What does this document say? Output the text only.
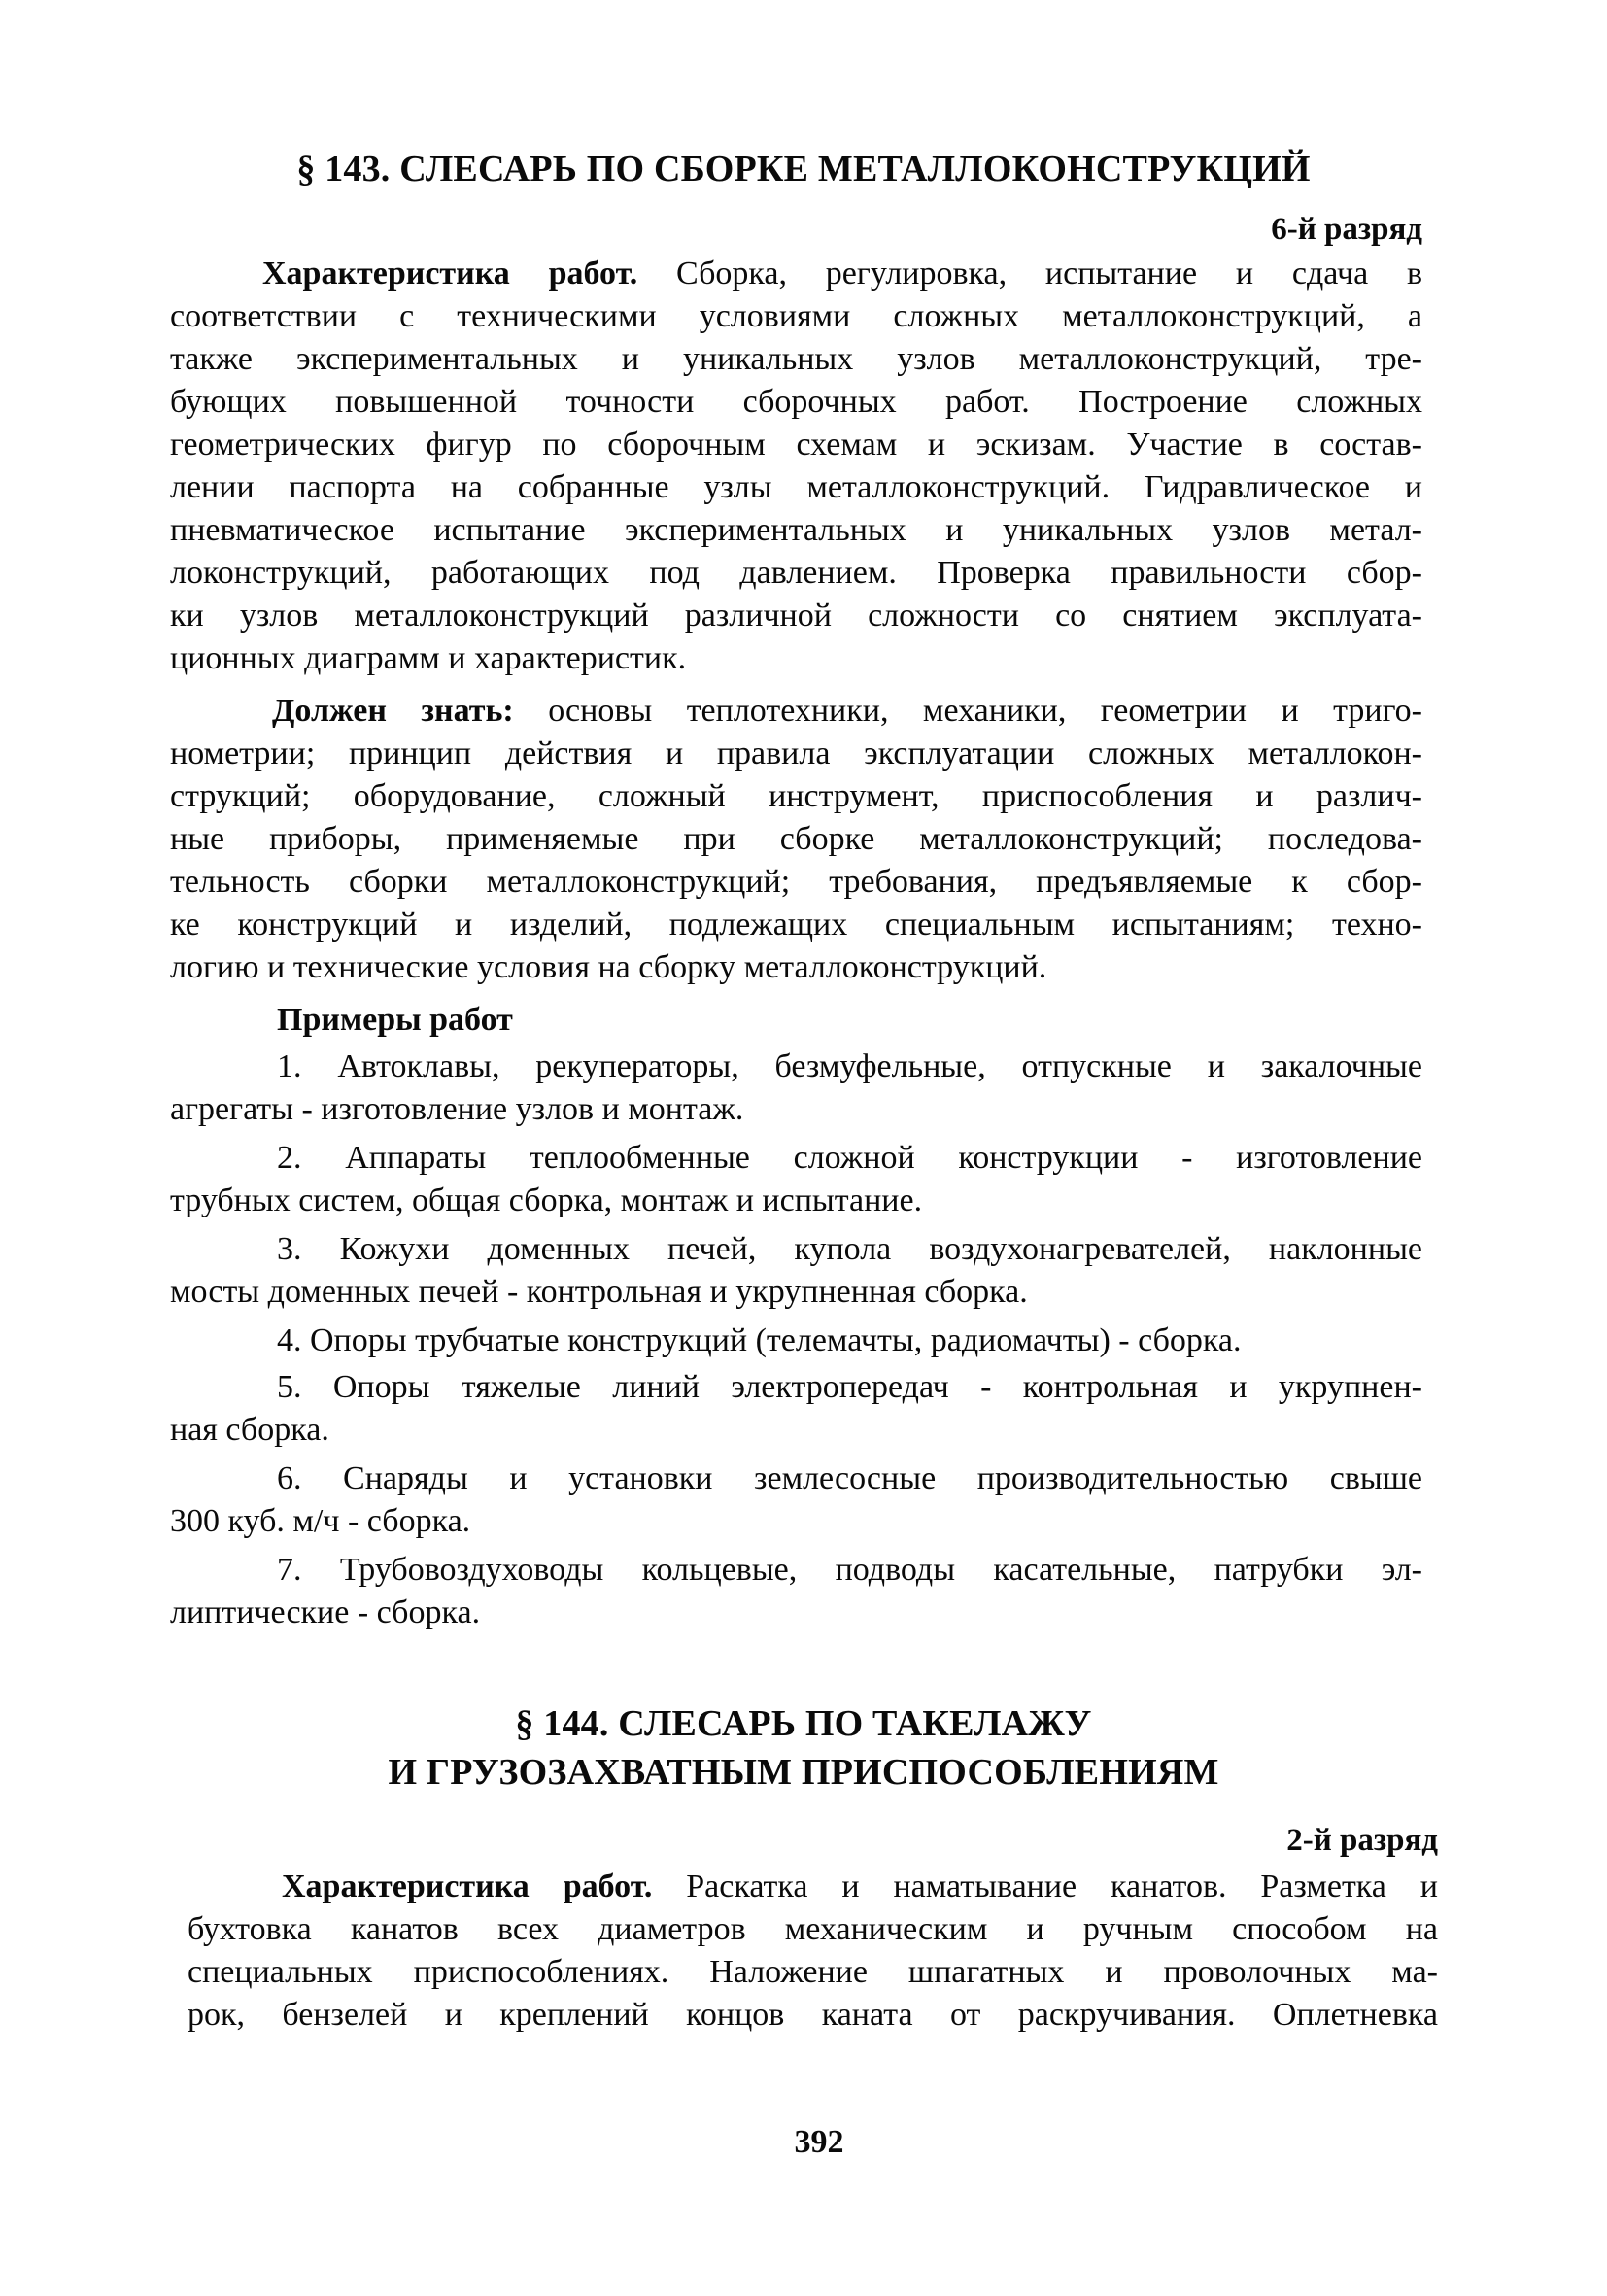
§ 143. СЛЕСАРЬ ПО СБОРКЕ МЕТАЛЛОКОНСТРУКЦИЙ
6-й разряд
Характеристика работ. Сборка, регулировка, испытание и сдача в
соответствии с техническими условиями сложных металлоконструкций, а
также экспериментальных и уникальных узлов металлоконструкций, тре-
бующих повышенной точности сборочных работ. Построение сложных
геометрических фигур по сборочным схемам и эскизам. Участие в состав-
лении паспорта на собранные узлы металлоконструкций. Гидравлическое и
пневматическое испытание экспериментальных и уникальных узлов метал-
локонструкций, работающих под давлением. Проверка правильности сбор-
ки узлов металлоконструкций различной сложности со снятием эксплуата-
ционных диаграмм и характеристик.
Должен знать: основы теплотехники, механики, геометрии и триго-
нометрии; принцип действия и правила эксплуатации сложных металлокон-
струкций; оборудование, сложный инструмент, приспособления и различ-
ные приборы, применяемые при сборке металлоконструкций; последова-
тельность сборки металлоконструкций; требования, предъявляемые к сбор-
ке конструкций и изделий, подлежащих специальным испытаниям; техно-
логию и технические условия на сборку металлоконструкций.
Примеры работ
1. Автоклавы, рекуператоры, безмуфельные, отпускные и закалочные
агрегаты - изготовление узлов и монтаж.
2. Аппараты теплообменные сложной конструкции - изготовление
трубных систем, общая сборка, монтаж и испытание.
3. Кожухи доменных печей, купола воздухонагревателей, наклонные
мосты доменных печей - контрольная и укрупненная сборка.
4. Опоры трубчатые конструкций (телемачты, радиомачты) - сборка.
5. Опоры тяжелые линий электропередач - контрольная и укрупнен-
ная сборка.
6. Снаряды и установки землесосные производительностью свыше
300 куб. м/ч - сборка.
7. Трубовоздуховоды кольцевые, подводы касательные, патрубки эл-
липтические - сборка.
§ 144. СЛЕСАРЬ ПО ТАКЕЛАЖУ
И ГРУЗОЗАХВАТНЫМ ПРИСПОСОБЛЕНИЯМ
2-й разряд
Характеристика работ. Раскатка и наматывание канатов. Разметка и
бухтовка канатов всех диаметров механическим и ручным способом на
специальных приспособлениях. Наложение шпагатных и проволочных ма-
рок, бензелей и креплений концов каната от раскручивания. Оплетневка
392
